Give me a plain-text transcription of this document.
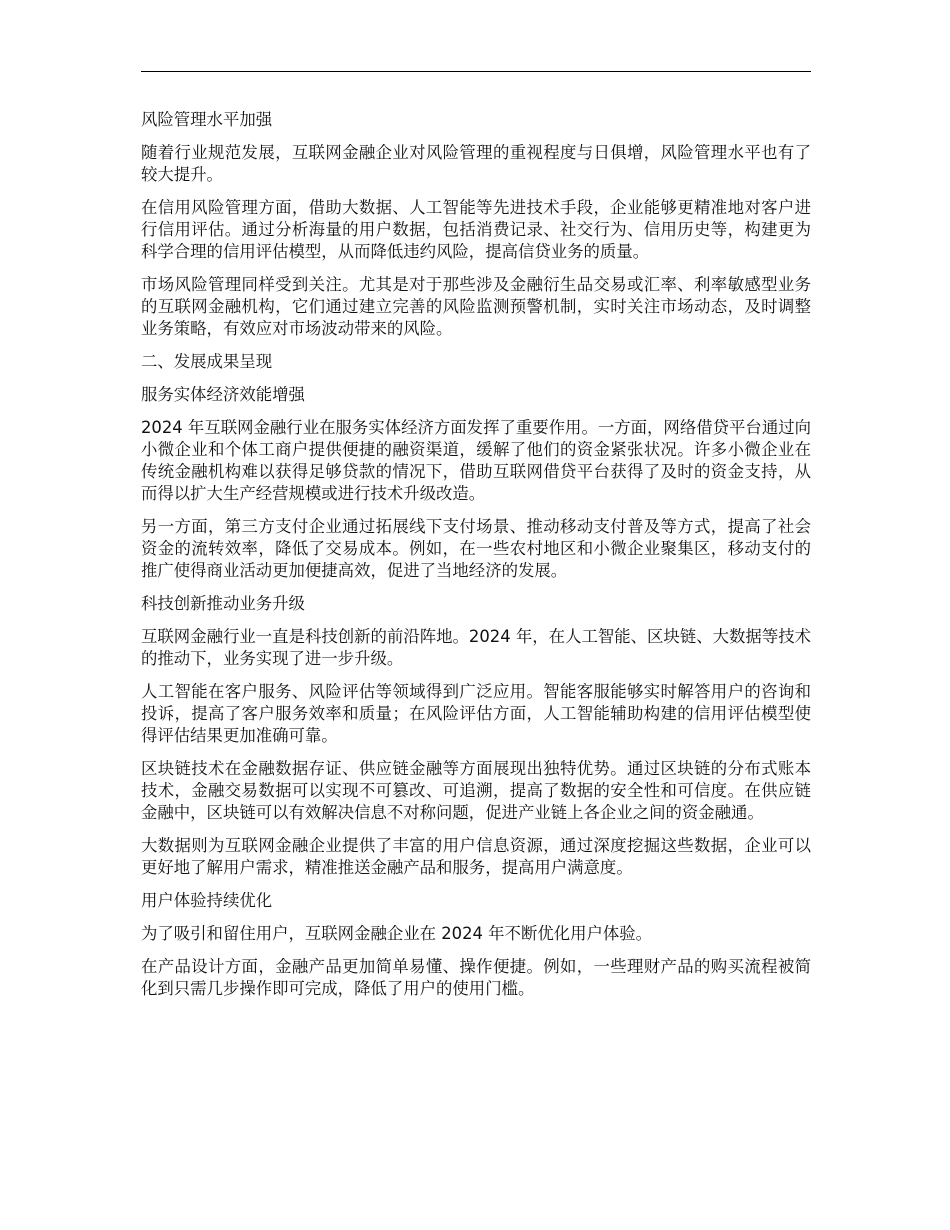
风险管理水平加强
随着行业规范发展，互联网金融企业对风险管理的重视程度与日俱增，风险管理水平也有了较大提升。
在信用风险管理方面，借助大数据、人工智能等先进技术手段，企业能够更精准地对客户进行信用评估。通过分析海量的用户数据，包括消费记录、社交行为、信用历史等，构建更为科学合理的信用评估模型，从而降低违约风险，提高信贷业务的质量。
市场风险管理同样受到关注。尤其是对于那些涉及金融衍生品交易或汇率、利率敏感型业务的互联网金融机构，它们通过建立完善的风险监测预警机制，实时关注市场动态，及时调整业务策略，有效应对市场波动带来的风险。
二、发展成果呈现
服务实体经济效能增强
2024 年互联网金融行业在服务实体经济方面发挥了重要作用。一方面，网络借贷平台通过向小微企业和个体工商户提供便捷的融资渠道，缓解了他们的资金紧张状况。许多小微企业在传统金融机构难以获得足够贷款的情况下，借助互联网借贷平台获得了及时的资金支持，从而得以扩大生产经营规模或进行技术升级改造。
另一方面，第三方支付企业通过拓展线下支付场景、推动移动支付普及等方式，提高了社会资金的流转效率，降低了交易成本。例如，在一些农村地区和小微企业聚集区，移动支付的推广使得商业活动更加便捷高效，促进了当地经济的发展。
科技创新推动业务升级
互联网金融行业一直是科技创新的前沿阵地。2024 年，在人工智能、区块链、大数据等技术的推动下，业务实现了进一步升级。
人工智能在客户服务、风险评估等领域得到广泛应用。智能客服能够实时解答用户的咨询和投诉，提高了客户服务效率和质量；在风险评估方面，人工智能辅助构建的信用评估模型使得评估结果更加准确可靠。
区块链技术在金融数据存证、供应链金融等方面展现出独特优势。通过区块链的分布式账本技术，金融交易数据可以实现不可篡改、可追溯，提高了数据的安全性和可信度。在供应链金融中，区块链可以有效解决信息不对称问题，促进产业链上各企业之间的资金融通。
大数据则为互联网金融企业提供了丰富的用户信息资源，通过深度挖掘这些数据，企业可以更好地了解用户需求，精准推送金融产品和服务，提高用户满意度。
用户体验持续优化
为了吸引和留住用户，互联网金融企业在 2024 年不断优化用户体验。
在产品设计方面，金融产品更加简单易懂、操作便捷。例如，一些理财产品的购买流程被简化到只需几步操作即可完成，降低了用户的使用门槛。
